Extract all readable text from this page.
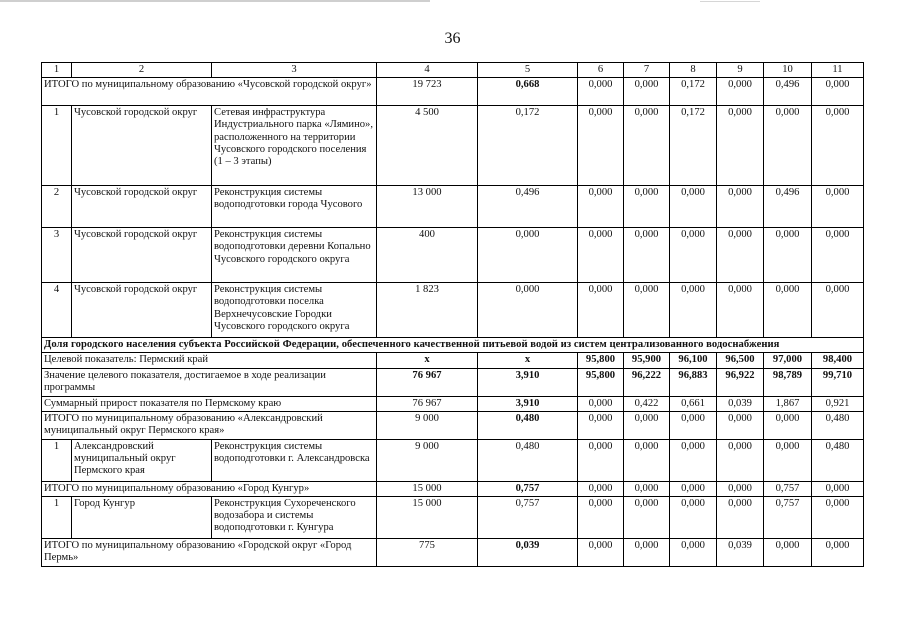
36
1	2	3	4	5	6	7	8	9	10	11
ИТОГО по муниципальному образованию «Чусовской городской округ»			19 723	0,668	0,000	0,000	0,172	0,000	0,496	0,000
1	Чусовской городской округ	Сетевая инфраструктура Индустриального парка «Лямино», расположенного на территории Чусовского городского поселения (1 – 3 этапы)	4 500	0,172	0,000	0,000	0,172	0,000	0,000	0,000
2	Чусовской городской округ	Реконструкция системы водоподготовки города Чусового	13 000	0,496	0,000	0,000	0,000	0,000	0,496	0,000
3	Чусовской городской округ	Реконструкция системы водоподготовки деревни Копально Чусовского городского округа	400	0,000	0,000	0,000	0,000	0,000	0,000	0,000
4	Чусовской городской округ	Реконструкция системы водоподготовки поселка Верхнечусовские Городки Чусовского городского округа	1 823	0,000	0,000	0,000	0,000	0,000	0,000	0,000
Доля городского населения субъекта Российской Федерации, обеспеченного качественной питьевой водой из систем централизованного водоснабжения										
Целевой показатель: Пермский край			х	х	95,800	95,900	96,100	96,500	97,000	98,400
Значение целевого показателя, достигаемое в ходе реализации программы			76 967	3,910	95,800	96,222	96,883	96,922	98,789	99,710
Суммарный прирост показателя по Пермскому краю			76 967	3,910	0,000	0,422	0,661	0,039	1,867	0,921
ИТОГО по муниципальному образованию «Александровский муниципальный округ Пермского края»			9 000	0,480	0,000	0,000	0,000	0,000	0,000	0,480
1	Александровский муниципальный округ Пермского края	Реконструкция системы водоподготовки г. Александровска	9 000	0,480	0,000	0,000	0,000	0,000	0,000	0,480
ИТОГО по муниципальному образованию «Город Кунгур»			15 000	0,757	0,000	0,000	0,000	0,000	0,757	0,000
1	Город Кунгур	Реконструкция Сухореченского водозабора и системы водоподготовки г. Кунгура	15 000	0,757	0,000	0,000	0,000	0,000	0,757	0,000
ИТОГО по муниципальному образованию «Городской округ «Город Пермь»			775	0,039	0,000	0,000	0,000	0,039	0,000	0,000
